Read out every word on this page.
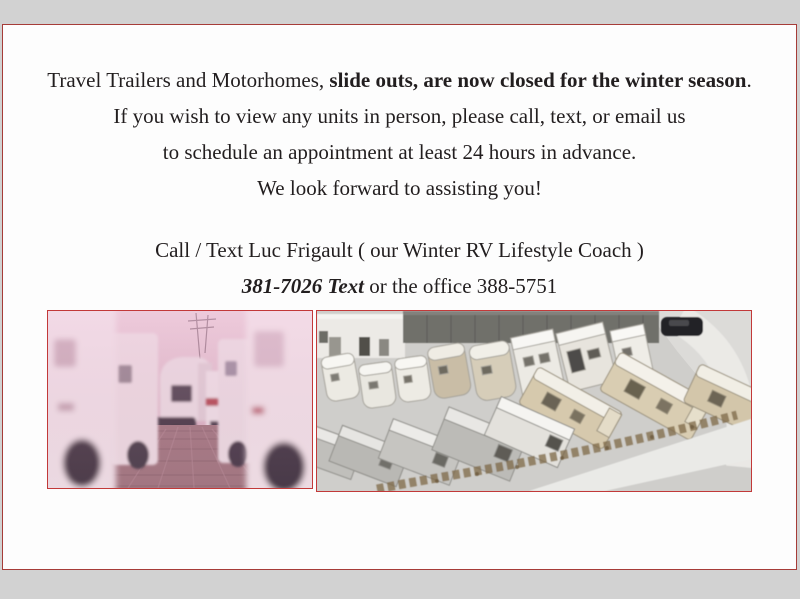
Travel Trailers and Motorhomes, slide outs, are now closed for the winter season.

If you wish to view any units in person, please call, text, or email us

to schedule an appointment at least 24 hours in advance.

We look forward to assisting you!

Call / Text Luc Frigault ( our Winter RV Lifestyle Coach )

381-7026 Text or the office 388-5751
